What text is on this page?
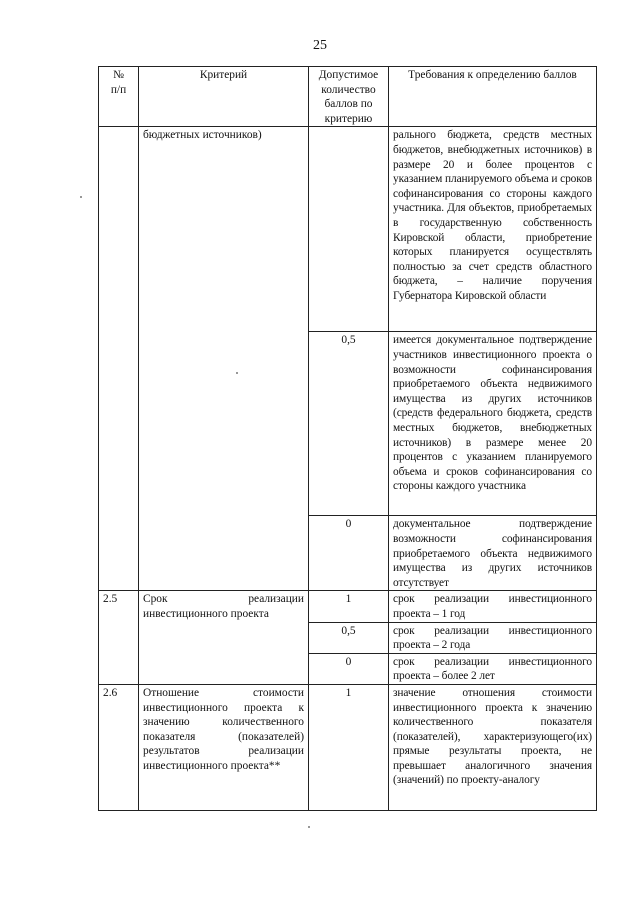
25
№
п/п	Критерий	Допустимое количество баллов по критерию	Требования к определению баллов
	бюджетных источников)		рального бюджета, средств местных бюджетов, внебюджетных источников) в размере 20 и более процентов с указанием планируемого объема и сроков софинансирования со стороны каждого участника. Для объектов, приобретаемых в государственную собственность Кировской области, приобретение которых планируется осуществлять полностью за счет средств областного бюджета, – наличие поручения Губернатора Кировской области
		0,5	имеется документальное подтверждение участников инвестиционного проекта о возможности софинансирования приобретаемого объекта недвижимого имущества из других источников (средств федерального бюджета, средств местных бюджетов, внебюджетных источников) в размере менее 20 процентов с указанием планируемого объема и сроков софинансирования со стороны каждого участника
		0	документальное подтверждение возможности софинансирования приобретаемого объекта недвижимого имущества из других источников отсутствует
2.5	Срок реализации инвестиционного проекта	1	срок реализации инвестиционного проекта – 1 год
		0,5	срок реализации инвестиционного проекта – 2 года
		0	срок реализации инвестиционного проекта – более 2 лет
2.6	Отношение стоимости инвестиционного проекта к значению количественного показателя (показателей) результатов реализации инвестиционного проекта**	1	значение отношения стоимости инвестиционного проекта к значению количественного показателя (показателей), характеризующего(их) прямые результаты проекта, не превышает аналогичного значения (значений) по проекту-аналогу
